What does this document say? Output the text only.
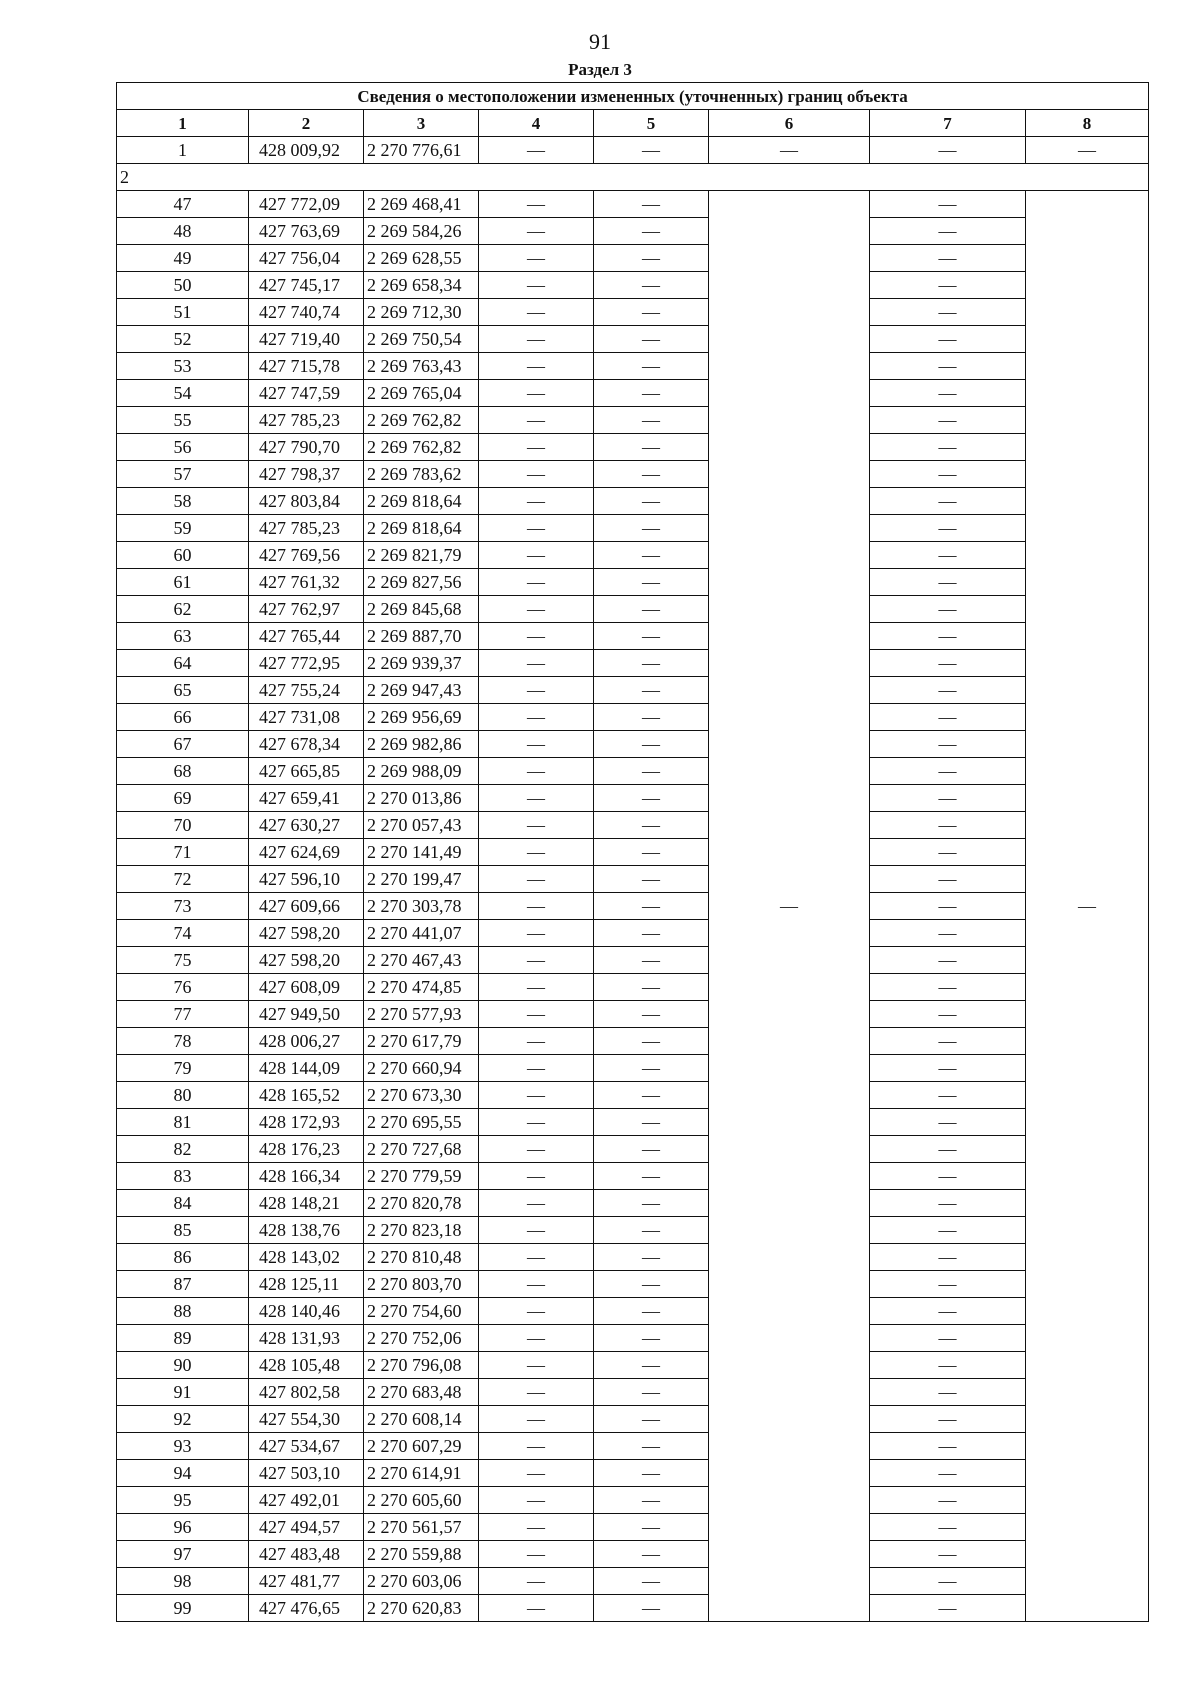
91
Раздел 3
Сведения о местоположении измененных (уточненных) границ объекта							
1	2	3	4	5	6	7	8
1	428 009,92	2 270 776,61	—	—	—	—	—
2							
47	427 772,09	2 269 468,41	—	—	—	—	—
48	427 763,69	2 269 584,26	—	—		—	
49	427 756,04	2 269 628,55	—	—		—	
50	427 745,17	2 269 658,34	—	—		—	
51	427 740,74	2 269 712,30	—	—		—	
52	427 719,40	2 269 750,54	—	—		—	
53	427 715,78	2 269 763,43	—	—		—	
54	427 747,59	2 269 765,04	—	—		—	
55	427 785,23	2 269 762,82	—	—		—	
56	427 790,70	2 269 762,82	—	—		—	
57	427 798,37	2 269 783,62	—	—		—	
58	427 803,84	2 269 818,64	—	—		—	
59	427 785,23	2 269 818,64	—	—		—	
60	427 769,56	2 269 821,79	—	—		—	
61	427 761,32	2 269 827,56	—	—		—	
62	427 762,97	2 269 845,68	—	—		—	
63	427 765,44	2 269 887,70	—	—		—	
64	427 772,95	2 269 939,37	—	—		—	
65	427 755,24	2 269 947,43	—	—		—	
66	427 731,08	2 269 956,69	—	—		—	
67	427 678,34	2 269 982,86	—	—		—	
68	427 665,85	2 269 988,09	—	—		—	
69	427 659,41	2 270 013,86	—	—		—	
70	427 630,27	2 270 057,43	—	—		—	
71	427 624,69	2 270 141,49	—	—		—	
72	427 596,10	2 270 199,47	—	—		—	
73	427 609,66	2 270 303,78	—	—		—	
74	427 598,20	2 270 441,07	—	—		—	
75	427 598,20	2 270 467,43	—	—		—	
76	427 608,09	2 270 474,85	—	—		—	
77	427 949,50	2 270 577,93	—	—		—	
78	428 006,27	2 270 617,79	—	—		—	
79	428 144,09	2 270 660,94	—	—		—	
80	428 165,52	2 270 673,30	—	—		—	
81	428 172,93	2 270 695,55	—	—		—	
82	428 176,23	2 270 727,68	—	—		—	
83	428 166,34	2 270 779,59	—	—		—	
84	428 148,21	2 270 820,78	—	—		—	
85	428 138,76	2 270 823,18	—	—		—	
86	428 143,02	2 270 810,48	—	—		—	
87	428 125,11	2 270 803,70	—	—		—	
88	428 140,46	2 270 754,60	—	—		—	
89	428 131,93	2 270 752,06	—	—		—	
90	428 105,48	2 270 796,08	—	—		—	
91	427 802,58	2 270 683,48	—	—		—	
92	427 554,30	2 270 608,14	—	—		—	
93	427 534,67	2 270 607,29	—	—		—	
94	427 503,10	2 270 614,91	—	—		—	
95	427 492,01	2 270 605,60	—	—		—	
96	427 494,57	2 270 561,57	—	—		—	
97	427 483,48	2 270 559,88	—	—		—	
98	427 481,77	2 270 603,06	—	—		—	
99	427 476,65	2 270 620,83	—	—		—	
